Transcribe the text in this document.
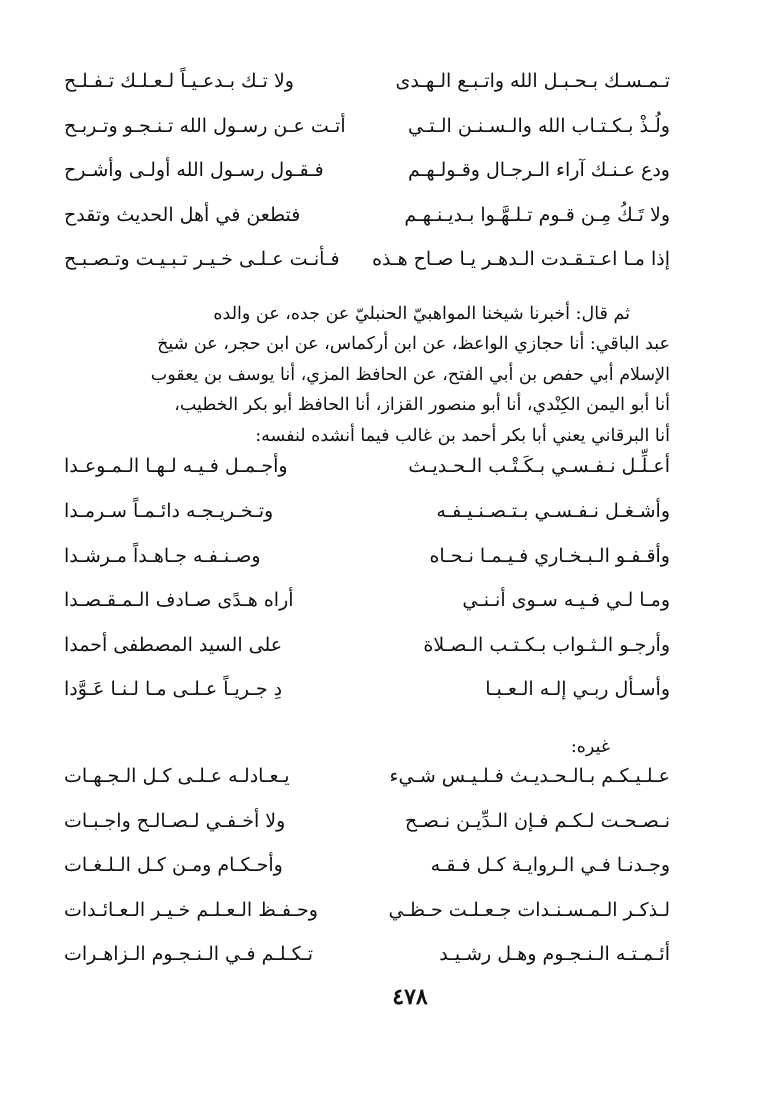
تـمـسـك بـحـبـل الله واتـبـع الـهـدى
ولا تـك بـدعـيـاً لـعـلـك تـفـلـح
ولُـذْ بـكـتـاب الله والـسـنـن الـتـي
أتـت عـن رسـول الله تـنـجـو وتـربـح
ودع عـنـك آراء الـرجـال وقـولـهـم
فـقـول رسـول الله أولـى وأشـرح
ولا تَـكُ مِـن قـوم تـلـهَّـوا بـديـنـهـم
فتطعن في أهل الحديث وتقدح
إذا مـا اعـتـقـدت الـدهـر يـا صـاح هـذه
فـأنـت عـلـى خـيـر تـبـيـت وتـصـبـح

ثم قال: أخبرنا شيخنا المواهبيّ الحنبليّ عن جده، عن والده
عبد الباقي: أنا حجازي الواعظ، عن ابن أركماس، عن ابن حجر، عن شيخ
الإسلام أبي حفص بن أبي الفتح، عن الحافظ المزي، أنا يوسف بن يعقوب
أنا أبو اليمن الكِنْدي، أنا أبو منصور القزاز، أنا الحافظ أبو بكر الخطيب،
أنا البرقاني يعني أبا بكر أحمد بن غالب فيما أنشده لنفسه:

أعـلِّـل نـفـسـي بـكَـتْـب الـحـديـث
وأجـمـل فـيـه لـهـا الـمـوعـدا
وأشـغـل نـفـسـي بـتـصـنـيـفـه
وتـخـريـجـه دائـمـاً سـرمـدا
وأقـفـو الـبـخـاري فـيـمـا نـحـاه
وصـنـفـه جـاهـداً مـرشـدا
ومـا لـي فـيـه سـوى أنـنـي
أراه هـدًى صـادف الـمـقـصـدا
وأرجـو الـثـواب بـكـتـب الـصـلاة
على السيد المصطفى أحمدا
وأسـأل ربـي إلـه الـعـبـا
دِ جـريـاً عـلـى مـا لـنـا عَـوَّدا
غيره:
عـلـيـكـم بـالـحـديـث فـلـيـس شـيء
يـعـادلـه عـلـى كـل الـجـهـات
نـصـحـت لـكـم فـإن الـدِّيـن نـصـح
ولا أخـفـي لـصـالـح واجـبـات
وجـدنـا فـي الـروايـة كـل فـقـه
وأحـكـام ومـن كـل الـلـغـات
لـذكـر الـمـسـنـدات جـعـلـت حـظـي
وحـفـظ الـعـلـم خـيـر الـعـائـدات
أئـمـتـه الـنـجـوم وهـل رشـيـد
تـكـلـم فـي الـنـجـوم الـزاهـرات
٤٧٨
